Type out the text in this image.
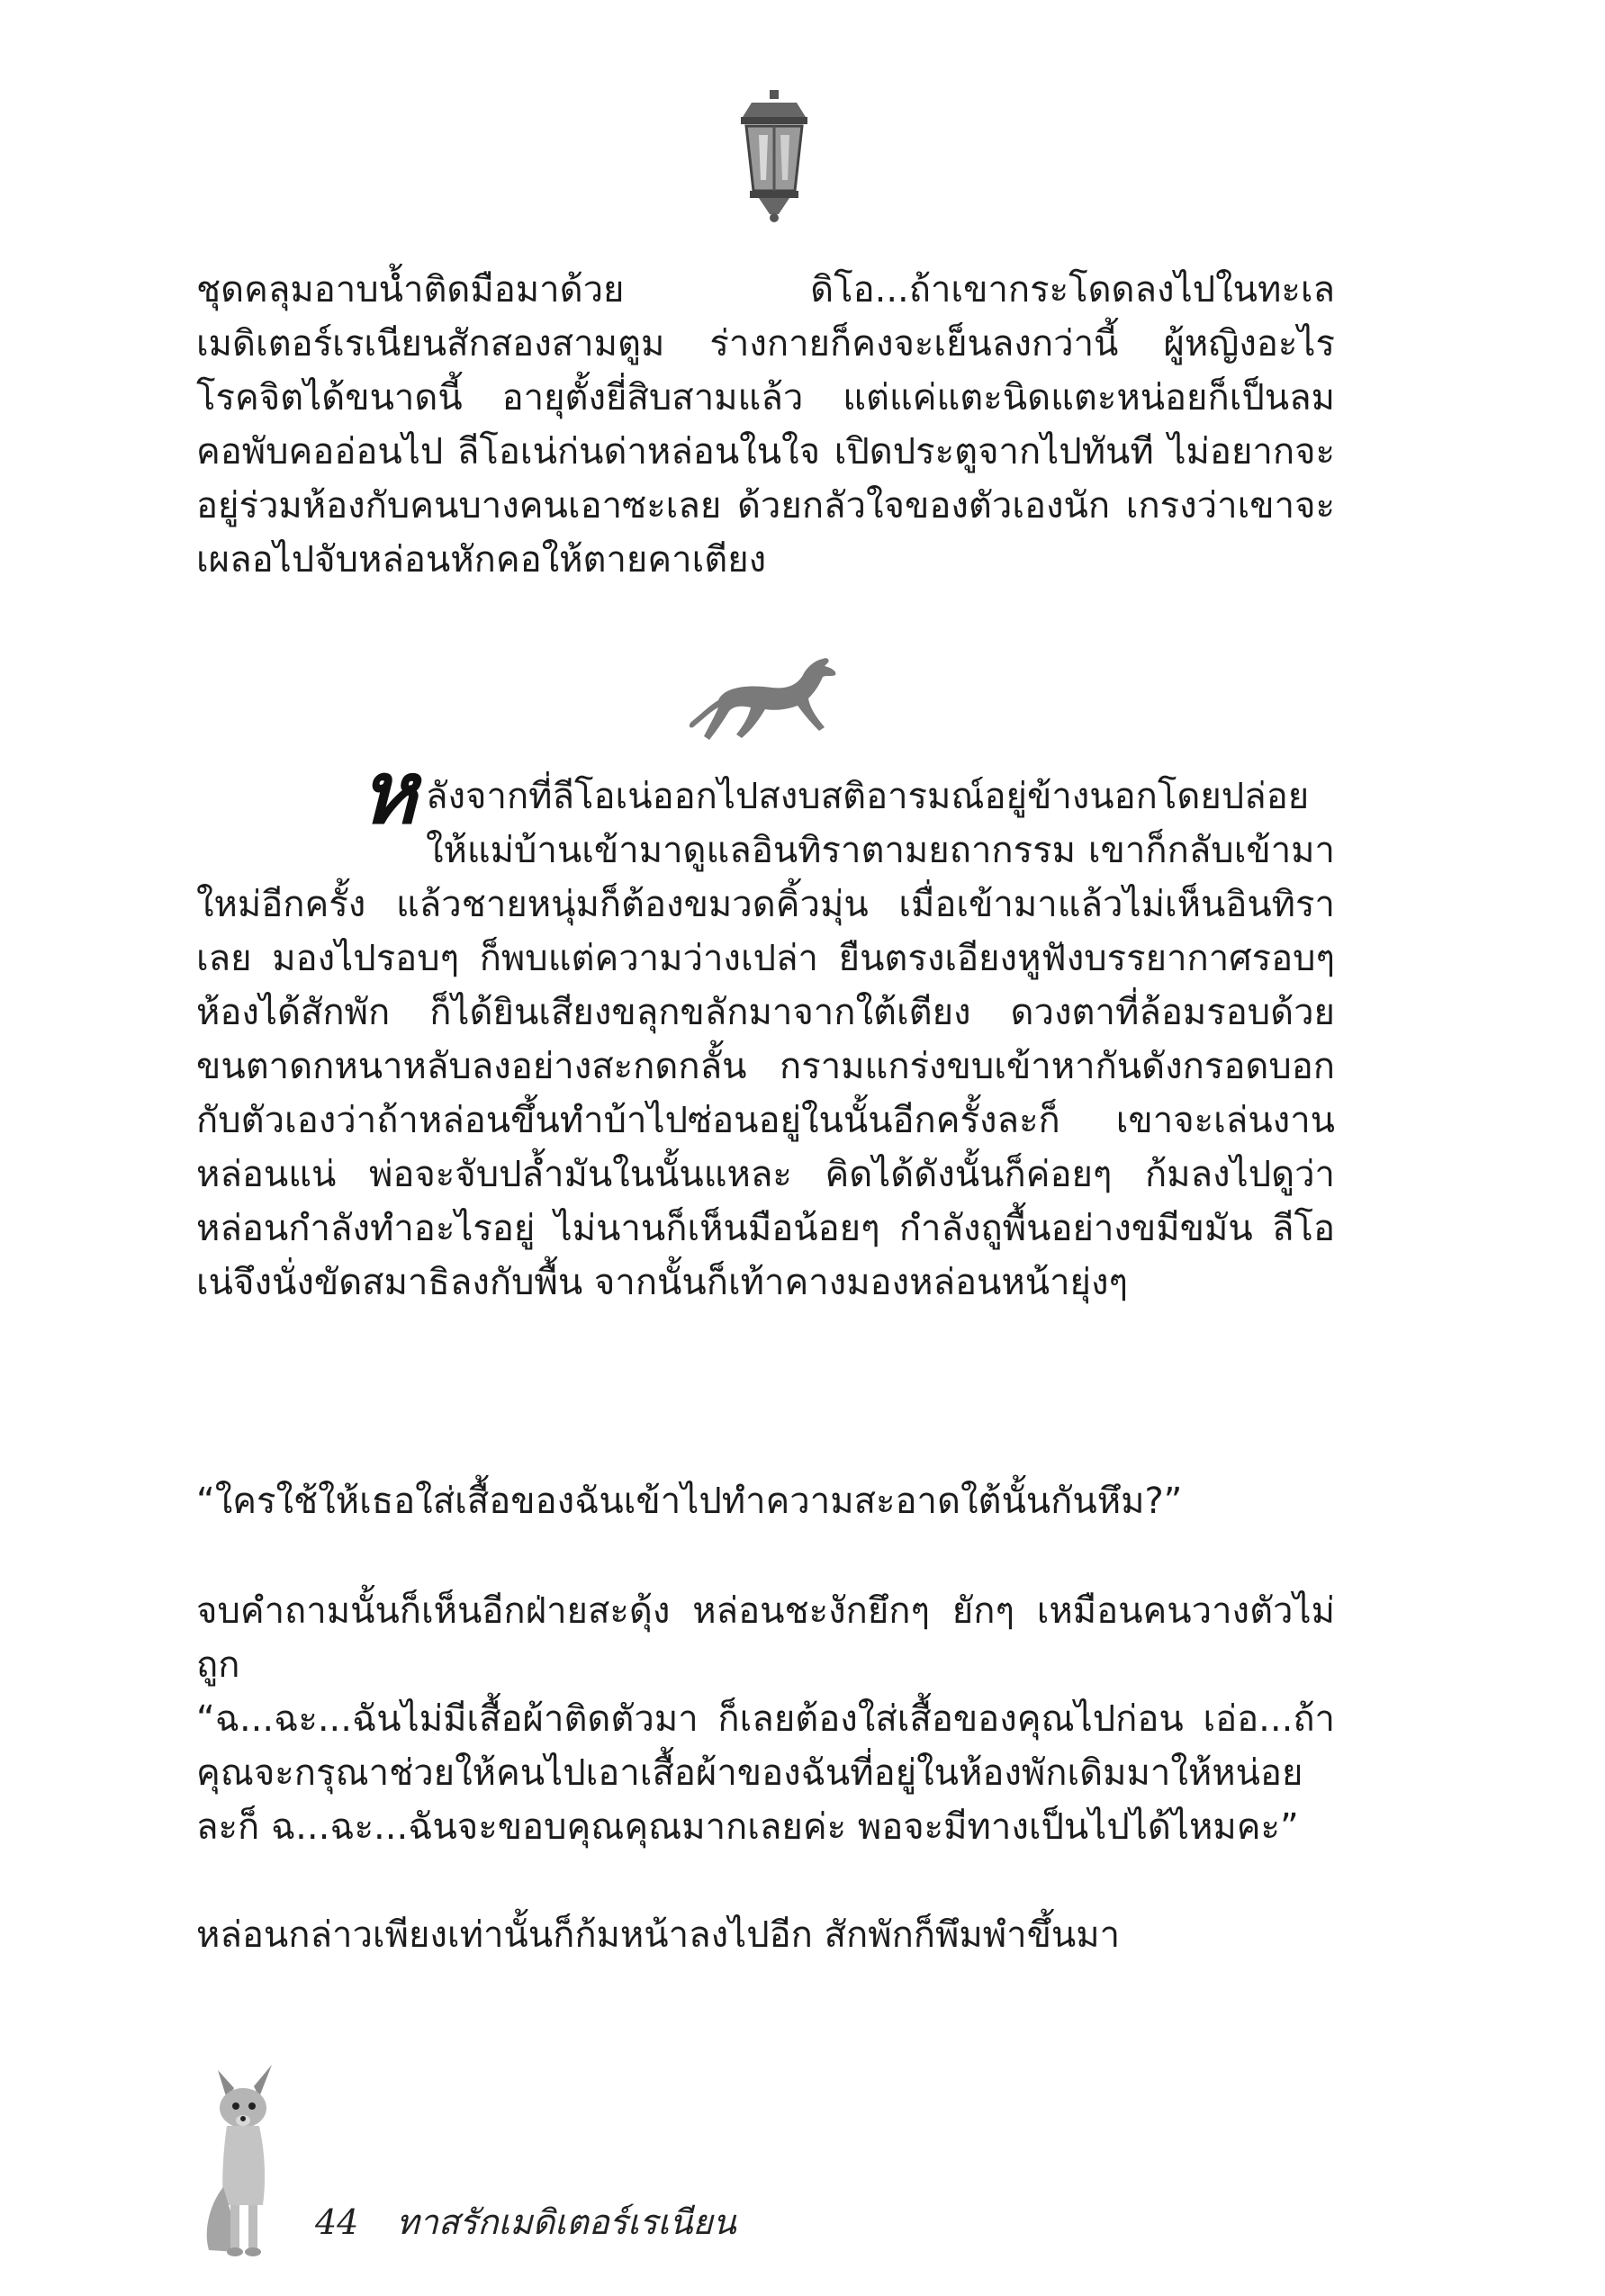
ชุดคลุมอาบน้ำติดมือมาด้วย ดิโอ...ถ้าเขากระโดดลงไปในทะเลเมดิเตอร์เรเนียนสักสองสามตูม ร่างกายก็คงจะเย็นลงกว่านี้ ผู้หญิงอะไรโรคจิตได้ขนาดนี้ อายุตั้งยี่สิบสามแล้ว แต่แค่แตะนิดแตะหน่อยก็เป็นลมคอพับคออ่อนไป ลีโอเน่ก่นด่าหล่อนในใจ เปิดประตูจากไปทันที ไม่อยากจะอยู่ร่วมห้องกับคนบางคนเอาซะเลย ด้วยกลัวใจของตัวเองนัก เกรงว่าเขาจะเผลอไปจับหล่อนหักคอให้ตายคาเตียง

ห ลังจากที่ลีโอเน่ออกไปสงบสติอารมณ์อยู่ข้างนอกโดยปล่อยให้แม่บ้านเข้ามาดูแลอินทิราตามยถากรรม เขาก็กลับเข้ามาใหม่อีกครั้ง แล้วชายหนุ่มก็ต้องขมวดคิ้วมุ่น เมื่อเข้ามาแล้วไม่เห็นอินทิราเลย มองไปรอบๆ ก็พบแต่ความว่างเปล่า ยืนตรงเอียงหูฟังบรรยากาศรอบๆ ห้องได้สักพัก ก็ได้ยินเสียงขลุกขลักมาจากใต้เตียง ดวงตาที่ล้อมรอบด้วยขนตาดกหนาหลับลงอย่างสะกดกลั้น กรามแกร่งขบเข้าหากันดังกรอดบอกกับตัวเองว่าถ้าหล่อนขึ้นทำบ้าไปซ่อนอยู่ในนั้นอีกครั้งละก็ เขาจะเล่นงานหล่อนแน่ พ่อจะจับปล้ำมันในนั้นแหละ คิดได้ดังนั้นก็ค่อยๆ ก้มลงไปดูว่าหล่อนกำลังทำอะไรอยู่ ไม่นานก็เห็นมือน้อยๆ กำลังถูพื้นอย่างขมีขมัน ลีโอเน่จึงนั่งขัดสมาธิลงกับพื้น จากนั้นก็เท้าคางมองหล่อนหน้ายุ่งๆ

“ใครใช้ให้เธอใส่เสื้อของฉันเข้าไปทำความสะอาดใต้นั้นกันหึม?”

จบคำถามนั้นก็เห็นอีกฝ่ายสะดุ้ง หล่อนชะงักยึกๆ ยักๆ เหมือนคนวางตัวไม่ถูก

“ฉ...ฉะ...ฉันไม่มีเสื้อผ้าติดตัวมา ก็เลยต้องใส่เสื้อของคุณไปก่อน เอ่อ...ถ้าคุณจะกรุณาช่วยให้คนไปเอาเสื้อผ้าของฉันที่อยู่ในห้องพักเดิมมาให้หน่อยละก็ ฉ...ฉะ...ฉันจะขอบคุณคุณมากเลยค่ะ พอจะมีทางเป็นไปได้ไหมคะ”

หล่อนกล่าวเพียงเท่านั้นก็ก้มหน้าลงไปอีก สักพักก็พึมพำขึ้นมา

44 ทาสรักเมดิเตอร์เรเนียน
